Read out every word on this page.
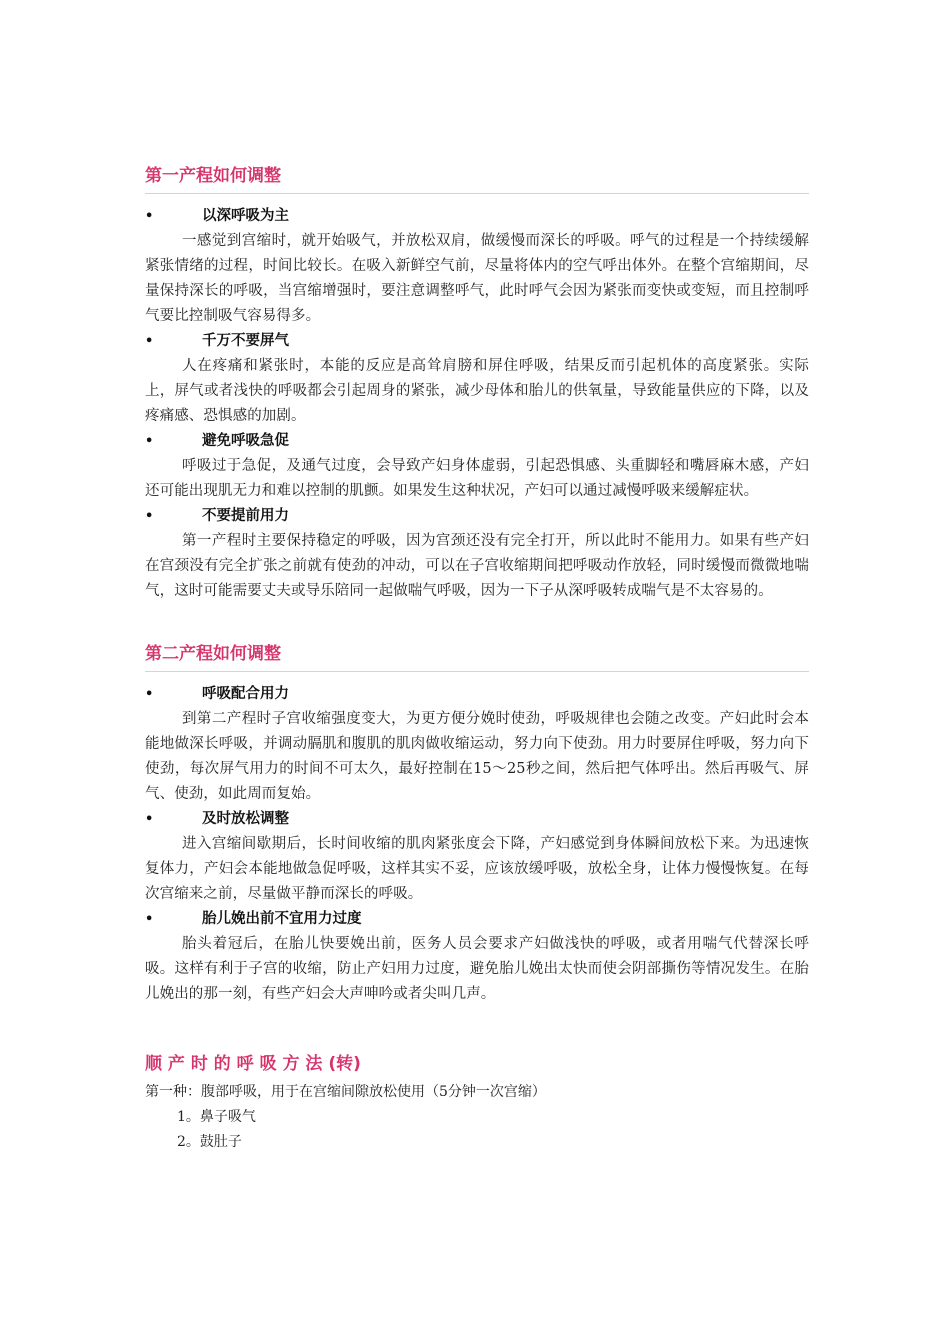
第一产程如何调整
•	以深呼吸为主
一感觉到宫缩时，就开始吸气，并放松双肩，做缓慢而深长的呼吸。呼气的过程是一个持续缓解紧张情绪的过程，时间比较长。在吸入新鲜空气前，尽量将体内的空气呼出体外。在整个宫缩期间，尽量保持深长的呼吸，当宫缩增强时，要注意调整呼气，此时呼气会因为紧张而变快或变短，而且控制呼气要比控制吸气容易得多。
•	千万不要屏气
人在疼痛和紧张时，本能的反应是高耸肩膀和屏住呼吸，结果反而引起机体的高度紧张。实际上，屏气或者浅快的呼吸都会引起周身的紧张，减少母体和胎儿的供氧量，导致能量供应的下降，以及疼痛感、恐惧感的加剧。
•	避免呼吸急促
呼吸过于急促，及通气过度，会导致产妇身体虚弱，引起恐惧感、头重脚轻和嘴唇麻木感，产妇还可能出现肌无力和难以控制的肌颤。如果发生这种状况，产妇可以通过减慢呼吸来缓解症状。
•	不要提前用力
第一产程时主要保持稳定的呼吸，因为宫颈还没有完全打开，所以此时不能用力。如果有些产妇在宫颈没有完全扩张之前就有使劲的冲动，可以在子宫收缩期间把呼吸动作放轻，同时缓慢而微微地喘气，这时可能需要丈夫或导乐陪同一起做喘气呼吸，因为一下子从深呼吸转成喘气是不太容易的。
第二产程如何调整
•	呼吸配合用力
到第二产程时子宫收缩强度变大，为更方便分娩时使劲，呼吸规律也会随之改变。产妇此时会本能地做深长呼吸，并调动膈肌和腹肌的肌肉做收缩运动，努力向下使劲。用力时要屏住呼吸，努力向下使劲，每次屏气用力的时间不可太久，最好控制在15～25秒之间，然后把气体呼出。然后再吸气、屏气、使劲，如此周而复始。
•	及时放松调整
进入宫缩间歇期后，长时间收缩的肌肉紧张度会下降，产妇感觉到身体瞬间放松下来。为迅速恢复体力，产妇会本能地做急促呼吸，这样其实不妥，应该放缓呼吸，放松全身，让体力慢慢恢复。在每次宫缩来之前，尽量做平静而深长的呼吸。
•	胎儿娩出前不宜用力过度
胎头着冠后，在胎儿快要娩出前，医务人员会要求产妇做浅快的呼吸，或者用喘气代替深长呼吸。这样有利于子宫的收缩，防止产妇用力过度，避免胎儿娩出太快而使会阴部撕伤等情况发生。在胎儿娩出的那一刻，有些产妇会大声呻吟或者尖叫几声。
顺 产 时 的 呼 吸 方 法 (转)
第一种：腹部呼吸，用于在宫缩间隙放松使用（5分钟一次宫缩）
1。鼻子吸气
2。鼓肚子
